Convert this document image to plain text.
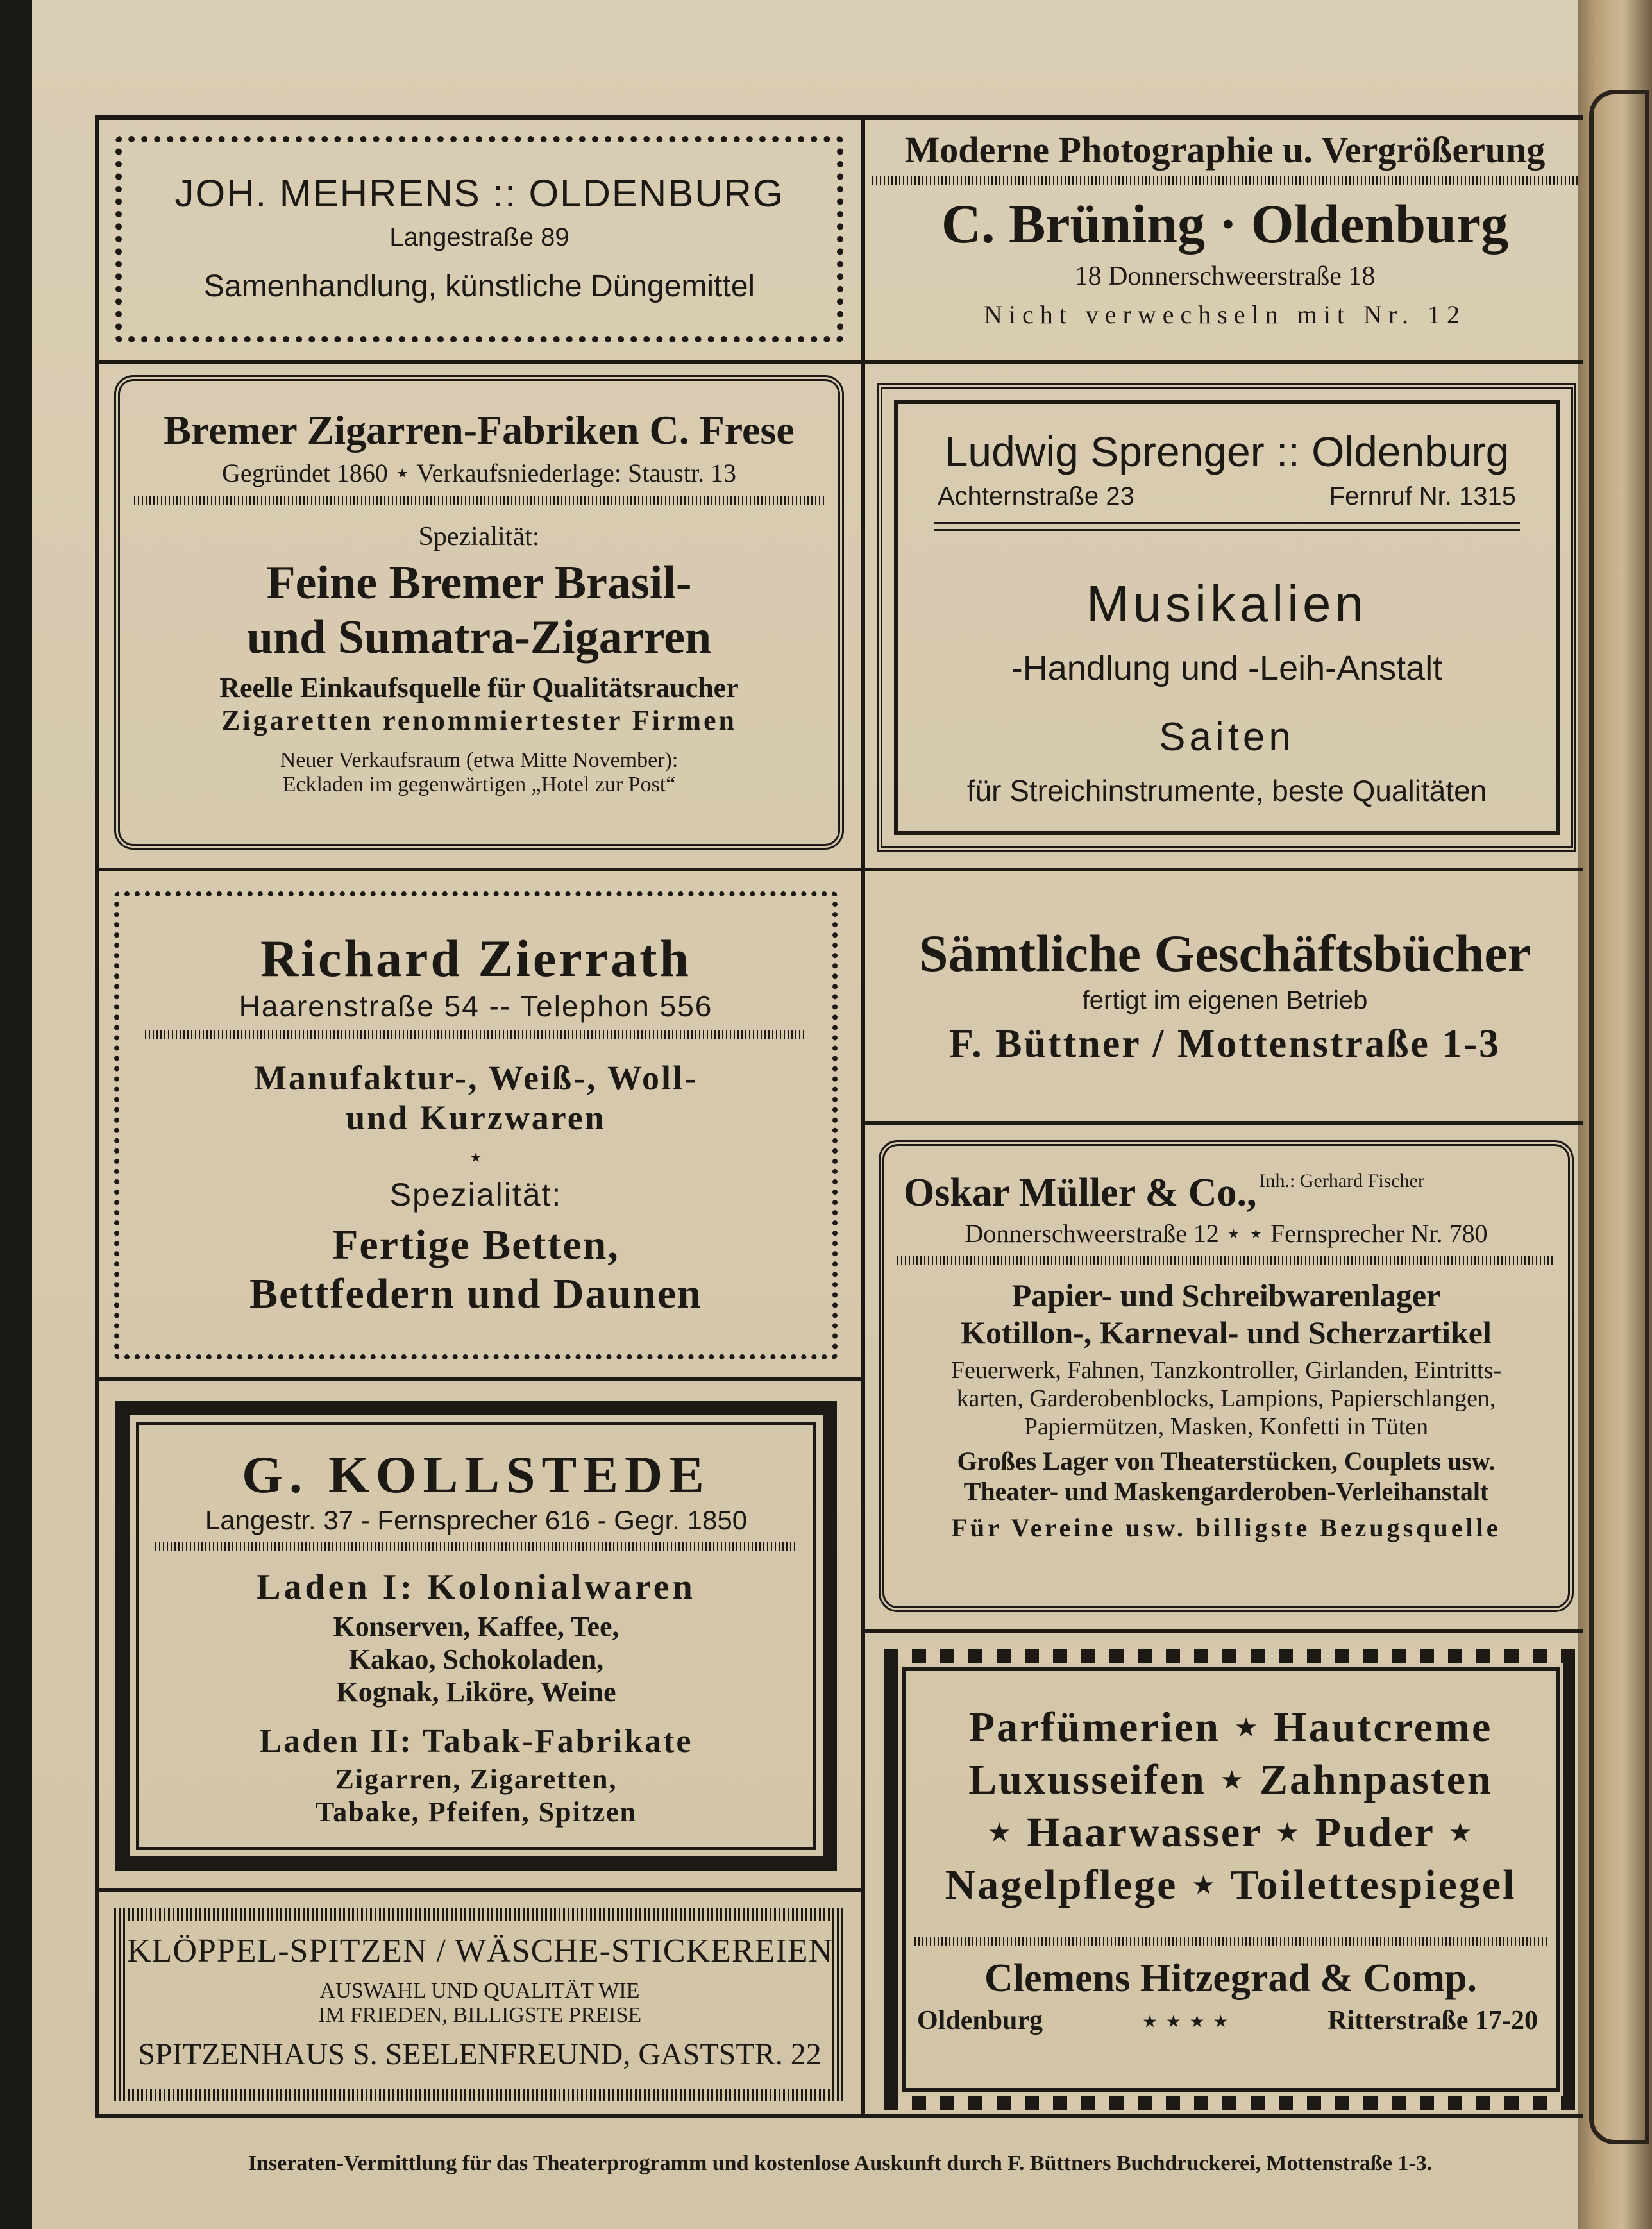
JOH. MEHRENS :: OLDENBURG
Langestraße 89
Samenhandlung, künstliche Düngemittel
Moderne Photographie u. Vergrößerung
C. Brüning · Oldenburg
18 Donnerschweerstraße 18
Nicht verwechseln mit Nr. 12
Bremer Zigarren-Fabriken C. Frese
Gegründet 1860 ⋆ Verkaufsniederlage: Staustr. 13
Spezialität:
Feine Bremer Brasil-
und Sumatra-Zigarren
Reelle Einkaufsquelle für Qualitätsraucher
Zigaretten renommiertester Firmen
Neuer Verkaufsraum (etwa Mitte November):
Eckladen im gegenwärtigen „Hotel zur Post“
Ludwig Sprenger :: Oldenburg
Achternstraße 23	Fernruf Nr. 1315
Musikalien
-Handlung und -Leih-Anstalt
Saiten
für Streichinstrumente, beste Qualitäten
Richard Zierrath
Haarenstraße 54 -- Telephon 556
Manufaktur-, Weiß-, Woll-
und Kurzwaren
⋆
Spezialität:
Fertige Betten,
Bettfedern und Daunen
Sämtliche Geschäftsbücher
fertigt im eigenen Betrieb
F. Büttner / Mottenstraße 1-3
Oskar Müller & Co., Inh.: Gerhard Fischer
Donnerschweerstraße 12 ⋆ ⋆ Fernsprecher Nr. 780
Papier- und Schreibwarenlager
Kotillon-, Karneval- und Scherzartikel
Feuerwerk, Fahnen, Tanzkontroller, Girlanden, Eintritts-
karten, Garderobenblocks, Lampions, Papierschlangen,
Papiermützen, Masken, Konfetti in Tüten
Großes Lager von Theaterstücken, Couplets usw.
Theater- und Maskengarderoben-Verleihanstalt
Für Vereine usw. billigste Bezugsquelle
G. KOLLSTEDE
Langestr. 37 - Fernsprecher 616 - Gegr. 1850
Laden I: Kolonialwaren
Konserven, Kaffee, Tee,
Kakao, Schokoladen,
Kognak, Liköre, Weine
Laden II: Tabak-Fabrikate
Zigarren, Zigaretten,
Tabake, Pfeifen, Spitzen
Parfümerien ⋆ Hautcreme
Luxusseifen ⋆ Zahnpasten
⋆ Haarwasser ⋆ Puder ⋆
Nagelpflege ⋆ Toilettespiegel
Clemens Hitzegrad & Comp.
Oldenburg	⋆ ⋆ ⋆ ⋆	Ritterstraße 17-20
KLÖPPEL-SPITZEN / WÄSCHE-STICKEREIEN
AUSWAHL UND QUALITÄT WIE
IM FRIEDEN, BILLIGSTE PREISE
SPITZENHAUS S. SEELENFREUND, GASTSTR. 22
Inseraten-Vermittlung für das Theaterprogramm und kostenlose Auskunft durch F. Büttners Buchdruckerei, Mottenstraße 1-3.
